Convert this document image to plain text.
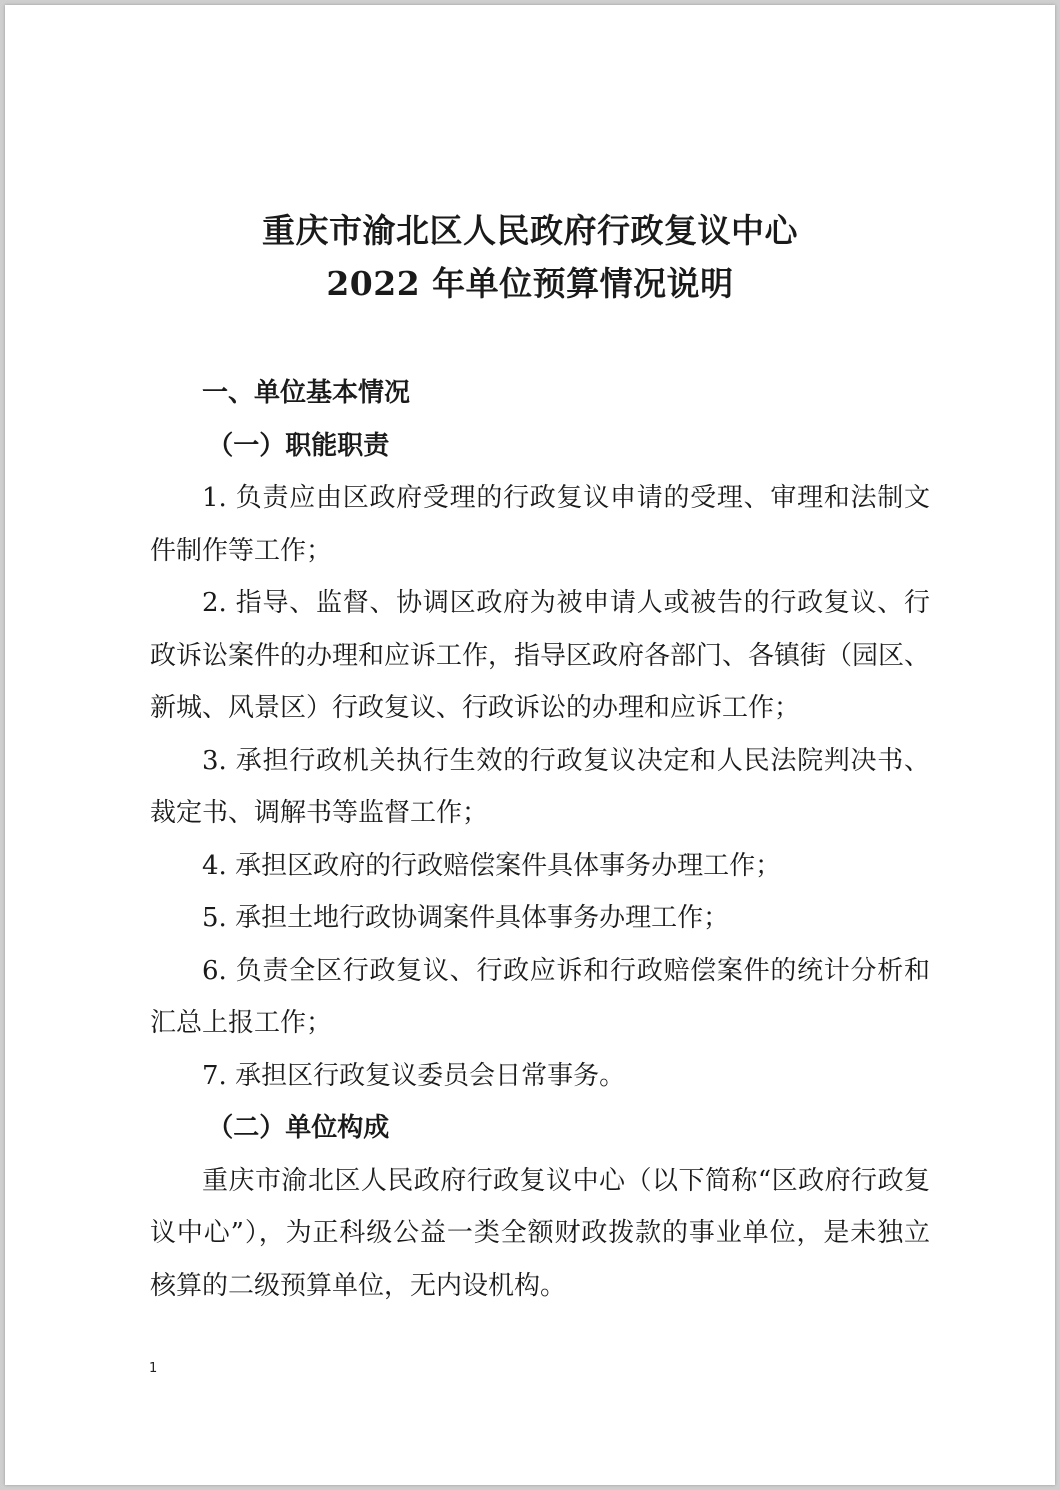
重庆市渝北区人民政府行政复议中心
2022 年单位预算情况说明

一、单位基本情况

（一）职能职责

1. 负责应由区政府受理的行政复议申请的受理、审理和法制文件制作等工作；

2. 指导、监督、协调区政府为被申请人或被告的行政复议、行政诉讼案件的办理和应诉工作，指导区政府各部门、各镇街（园区、新城、风景区）行政复议、行政诉讼的办理和应诉工作；

3. 承担行政机关执行生效的行政复议决定和人民法院判决书、裁定书、调解书等监督工作；

4. 承担区政府的行政赔偿案件具体事务办理工作；

5. 承担土地行政协调案件具体事务办理工作；

6. 负责全区行政复议、行政应诉和行政赔偿案件的统计分析和汇总上报工作；

7. 承担区行政复议委员会日常事务。

（二）单位构成

重庆市渝北区人民政府行政复议中心（以下简称“区政府行政复议中心”），为正科级公益一类全额财政拨款的事业单位，是未独立核算的二级预算单位，无内设机构。

1
